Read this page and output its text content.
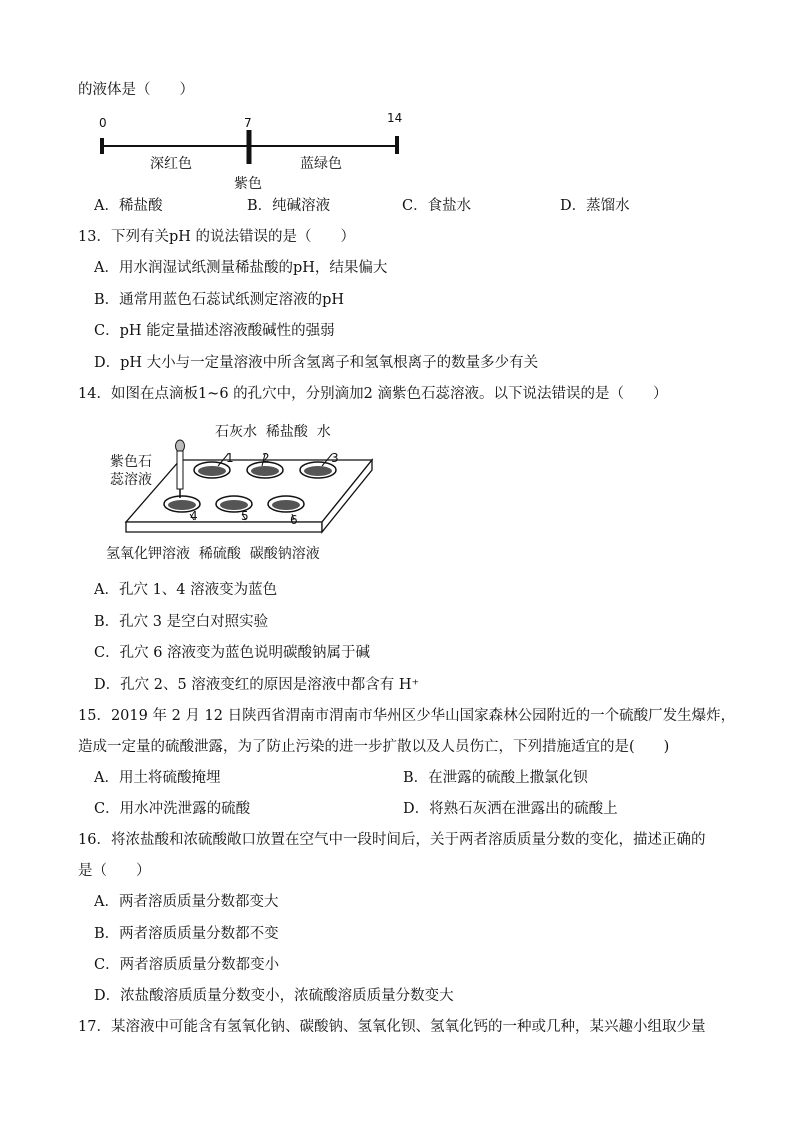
的液体是（　　）
0	7	14
深红色	蓝绿色
紫色
A．稀盐酸	B．纯碱溶液	C．食盐水	D．蒸馏水
13．下列有关pH 的说法错误的是（　　）
A．用水润湿试纸测量稀盐酸的pH，结果偏大
B．通常用蓝色石蕊试纸测定溶液的pH
C．pH 能定量描述溶液酸碱性的强弱
D．pH 大小与一定量溶液中所含氢离子和氢氧根离子的数量多少有关
14．如图在点滴板1~6 的孔穴中，分别滴加2 滴紫色石蕊溶液。以下说法错误的是（　　）
1 2	3
4	5	6
石灰水  稀盐酸  水
紫色石
蕊溶液
氢氧化钾溶液  稀硫酸  碳酸钠溶液
A．孔穴 1、4 溶液变为蓝色
B．孔穴 3 是空白对照实验
C．孔穴 6 溶液变为蓝色说明碳酸钠属于碱
D．孔穴 2、5 溶液变红的原因是溶液中都含有 H⁺
15．2019 年 2 月 12 日陕西省渭南市渭南市华州区少华山国家森林公园附近的一个硫酸厂发生爆炸，
造成一定量的硫酸泄露，为了防止污染的进一步扩散以及人员伤亡，下列措施适宜的是(　　)
A．用土将硫酸掩埋	B．在泄露的硫酸上撒氯化钡
C．用水冲洗泄露的硫酸	D．将熟石灰洒在泄露出的硫酸上
16．将浓盐酸和浓硫酸敞口放置在空气中一段时间后，关于两者溶质质量分数的变化，描述正确的
是（　　）
A．两者溶质质量分数都变大
B．两者溶质质量分数都不变
C．两者溶质质量分数都变小
D．浓盐酸溶质质量分数变小，浓硫酸溶质质量分数变大
17．某溶液中可能含有氢氧化钠、碳酸钠、氢氧化钡、氢氧化钙的一种或几种，某兴趣小组取少量
